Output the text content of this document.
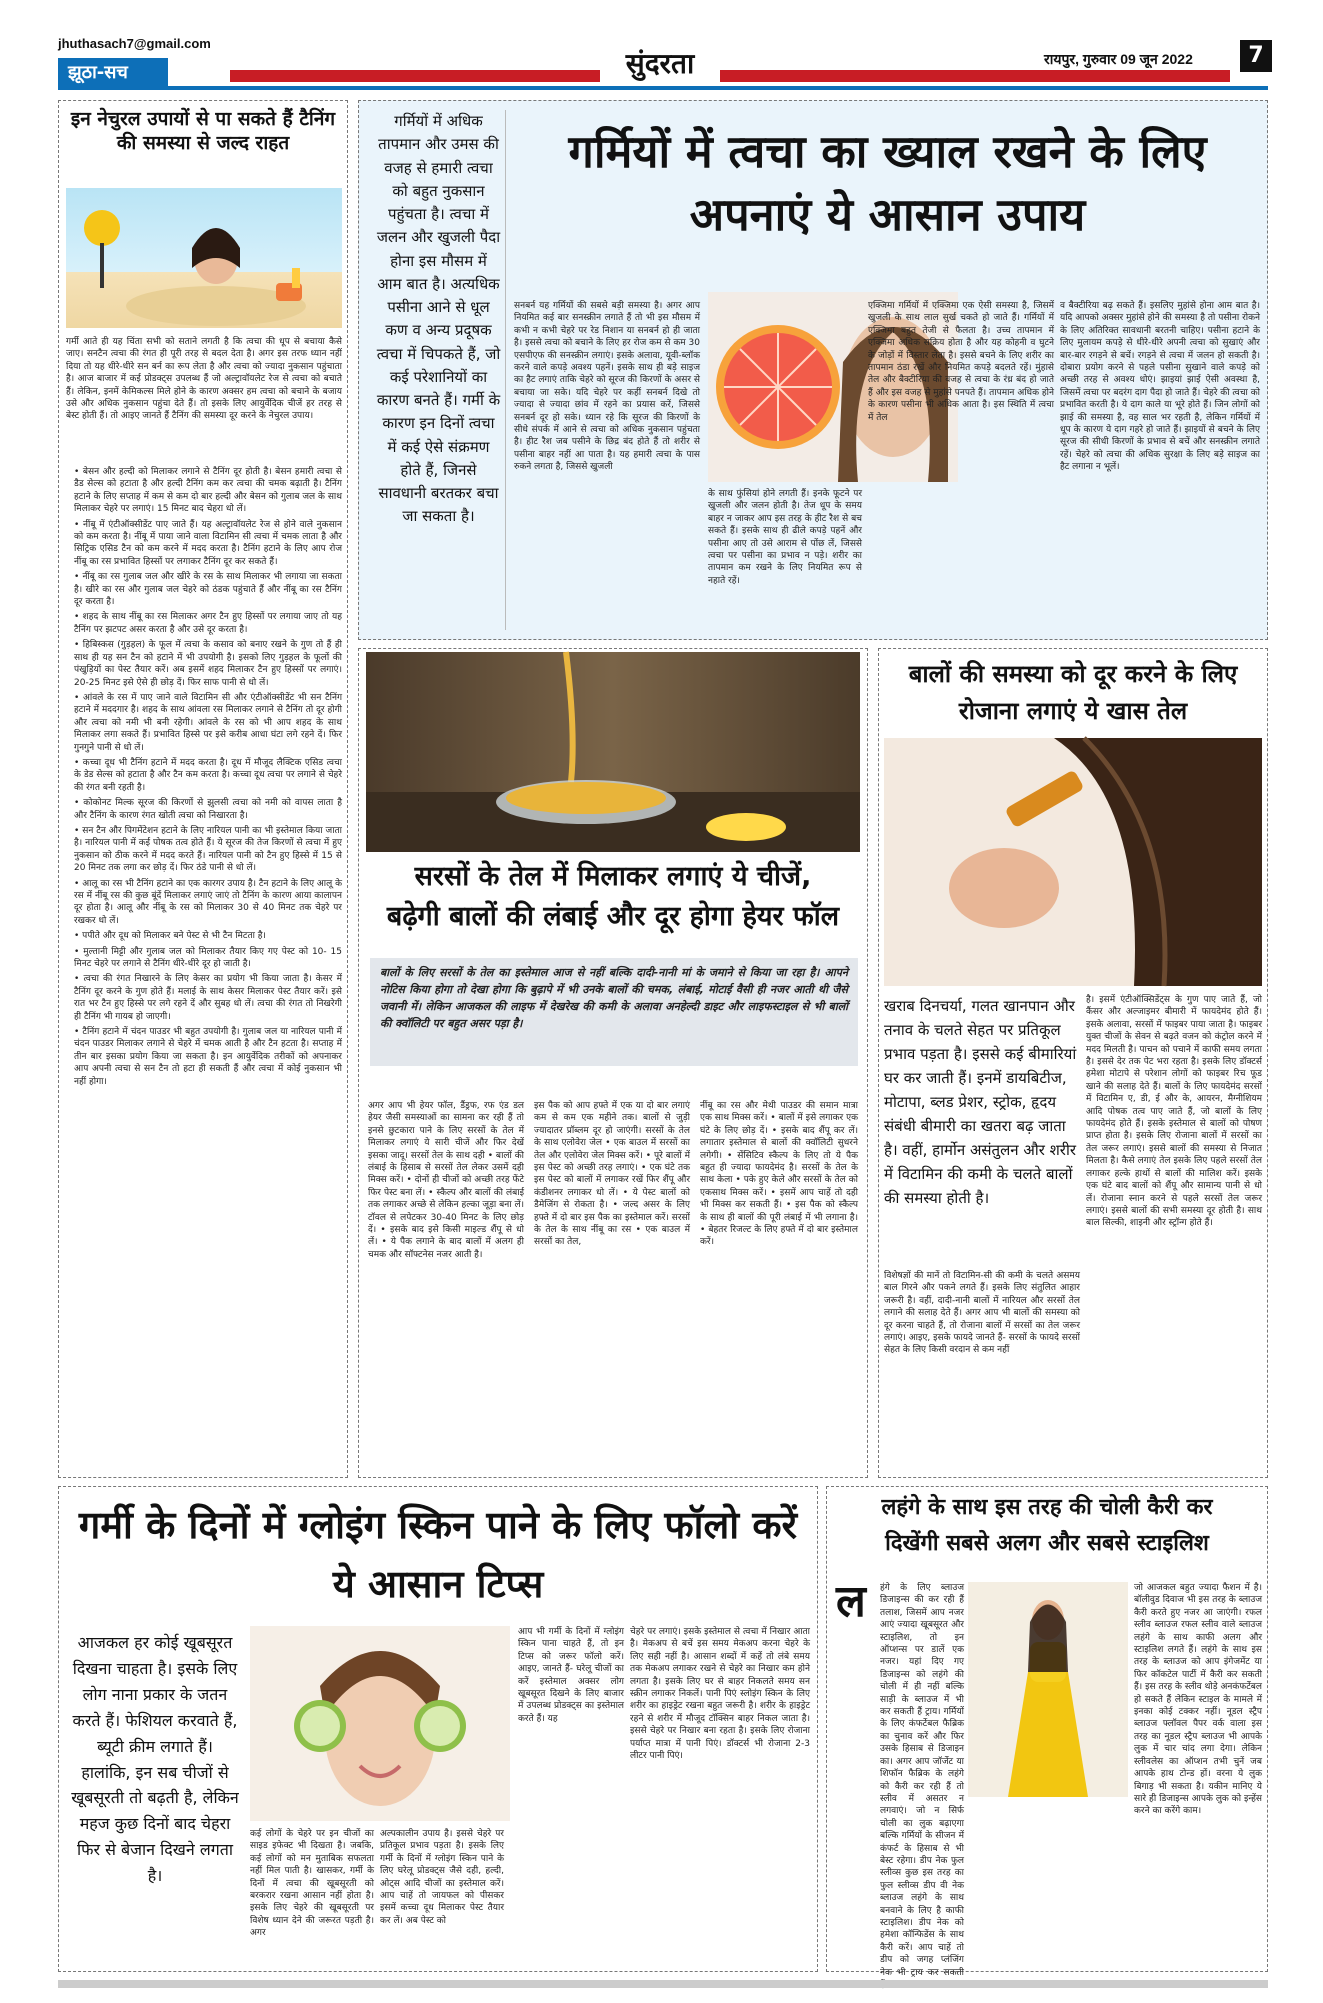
jhuthasach7@gmail.com
झूठा-सच	सुंदरता	रायपुर, गुरुवार 09 जून 2022	7
इन नेचुरल उपायों से पा सकते हैं टैनिंग की समस्या से जल्द राहत
गर्मी आते ही यह चिंता सभी को सताने लगती है कि त्वचा की धूप से बचाया कैसे जाए। सनटैन त्वचा की रंगत ही पूरी तरह से बदल देता है। अगर इस तरफ ध्यान नहीं दिया तो यह धीरे-धीरे सन बर्न का रूप लेता है और त्वचा को ज्यादा नुकसान पहुंचाता है। आज बाजार में कई प्रोडक्ट्स उपलब्ध हैं जो अल्ट्रावॉयलेट रेज से त्वचा को बचाते हैं। लेकिन, इनमें केमिकल्स मिले होने के कारण अक्सर हम त्वचा को बचाने के बजाय उसे और अधिक नुकसान पहुंचा देते हैं। तो इसके लिए आयुर्वेदिक चीजें हर तरह से बेस्ट होती हैं। तो आइए जानते हैं टैनिंग की समस्या दूर करने के नेचुरल उपाय।
• बेसन और हल्दी को मिलाकर लगाने से टैनिंग दूर होती है। बेसन हमारी त्वचा से डैड सेल्स को हटाता है और हल्दी टैनिंग कम कर त्वचा की चमक बढ़ाती है। टैनिंग हटाने के लिए सप्ताह में कम से कम दो बार हल्दी और बेसन को गुलाब जल के साथ मिलाकर चेहरे पर लगाएं। 15 मिनट बाद चेहरा धो लें।
• नींबू में एंटीऑक्सीडेंट पाए जाते हैं। यह अल्ट्रावॉयलेट रेज से होने वाले नुकसान को कम करता है। नींबू में पाया जाने वाला विटामिन सी त्वचा में चमक लाता है और सिट्रिक एसिड टैन को कम करने में मदद करता है। टैनिंग हटाने के लिए आप रोज नींबू का रस प्रभावित हिस्सों पर लगाकर टैनिंग दूर कर सकते हैं।
• नींबू का रस गुलाब जल और खीरे के रस के साथ मिलाकर भी लगाया जा सकता है। खीरे का रस और गुलाब जल चेहरे को ठंडक पहुंचाते हैं और नींबू का रस टैनिंग दूर करता है।
• शहद के साथ नींबू का रस मिलाकर अगर टैन हुए हिस्सों पर लगाया जाए तो यह टैनिंग पर झटपट असर करता है और उसे दूर करता है।
• हिबिस्कस (गुड़हल) के फूल में त्वचा के कसाव को बनाए रखने के गुण तो हैं ही साथ ही यह सन टैन को हटाने में भी उपयोगी है। इसको लिए गुड़हल के फूलों की पंखुड़ियों का पेस्ट तैयार करें। अब इसमें शहद मिलाकर टैन हुए हिस्सों पर लगाएं। 20-25 मिनट इसे ऐसे ही छोड़ दें। फिर साफ पानी से धो लें।
• आंवले के रस में पाए जाने वाले विटामिन सी और एंटीऑक्सीडेंट भी सन टैनिंग हटाने में मददगार है। शहद के साथ आंवला रस मिलाकर लगाने से टैनिंग तो दूर होगी और त्वचा को नमी भी बनी रहेगी। आंवले के रस को भी आप शहद के साथ मिलाकर लगा सकते हैं। प्रभावित हिस्से पर इसे करीब आधा घंटा लगे रहने दें। फिर गुनगुने पानी से धो लें।
• कच्चा दूध भी टैनिंग हटाने में मदद करता है। दूध में मौजूद लैक्टिक एसिड त्वचा के डेड सेल्स को हटाता है और टैन कम करता है। कच्चा दूध त्वचा पर लगाने से चेहरे की रंगत बनी रहती है।
• कोकोनट मिल्क सूरज की किरणों से झुलसी त्वचा को नमी को वापस लाता है और टैनिंग के कारण रंगत खोती त्वचा को निखारता है।
• सन टैन और पिगमेंटेशन हटाने के लिए नारियल पानी का भी इस्तेमाल किया जाता है। नारियल पानी में कई पोषक तत्व होते हैं। ये सूरज की तेज किरणों से त्वचा में हुए नुकसान को ठीक करने में मदद करते हैं। नारियल पानी को टैन हुए हिस्से में 15 से 20 मिनट तक लगा कर छोड़ दें। फिर ठंडे पानी से धो लें।
• आलू का रस भी टैनिंग हटाने का एक कारगर उपाय है। टैन हटाने के लिए आलू के रस में नींबू रस की कुछ बूंदें मिलाकर लगाएं जाएं तो टैनिंग के कारण आया कालापन दूर होता है। आलू और नींबू के रस को मिलाकर 30 से 40 मिनट तक चेहरे पर रखकर धो लें।
• पपीते और दूध को मिलाकर बने पेस्ट से भी टैन मिटता है।
• मुल्तानी मिट्टी और गुलाब जल को मिलाकर तैयार किए गए पेस्ट को 10- 15 मिनट चेहरे पर लगाने से टैनिंग धीरे-धीरे दूर हो जाती है।
• त्वचा की रंगत निखारने के लिए केसर का प्रयोग भी किया जाता है। केसर में टैनिंग दूर करने के गुण होते हैं। मलाई के साथ केसर मिलाकर पेस्ट तैयार करें। इसे रात भर टैन हुए हिस्से पर लगे रहने दें और सुबह धो लें। त्वचा की रंगत तो निखरेगी ही टैनिंग भी गायब हो जाएगी।
• टैनिंग हटाने में चंदन पाउडर भी बहुत उपयोगी है। गुलाब जल या नारियल पानी में चंदन पाउडर मिलाकर लगाने से चेहरे में चमक आती है और टैन हटता है। सप्ताह में तीन बार इसका प्रयोग किया जा सकता है। इन आयुर्वेदिक तरीकों को अपनाकर आप अपनी त्वचा से सन टैन तो हटा ही सकती हैं और त्वचा में कोई नुकसान भी नहीं होगा।
गर्मियों में अधिक तापमान और उमस की वजह से हमारी त्वचा को बहुत नुकसान पहुंचता है। त्वचा में जलन और खुजली पैदा होना इस मौसम में आम बात है। अत्यधिक पसीना आने से धूल कण व अन्य प्रदूषक त्वचा में चिपकते हैं, जो कई परेशानियों का कारण बनते हैं। गर्मी के कारण इन दिनों त्वचा में कई ऐसे संक्रमण होते हैं, जिनसे सावधानी बरतकर बचा जा सकता है।
गर्मियों में त्वचा का ख्याल रखने के लिए अपनाएं ये आसान उपाय
सनबर्न यह गर्मियों की सबसे बड़ी समस्या है। अगर आप नियमित कई बार सनस्क्रीन लगाते हैं तो भी इस मौसम में कभी न कभी चेहरे पर रेड निशान या सनबर्न हो ही जाता है। इससे त्वचा को बचाने के लिए हर रोज कम से कम 30 एसपीएफ की सनस्क्रीन लगाएं। इसके अलावा, यूवी-ब्लॉक करने वाले कपड़े अवश्य पहनें। इसके साथ ही बड़े साइज का हैट लगाएं ताकि चेहरे को सूरज की किरणों के असर से बचाया जा सके। यदि चेहरे पर कहीं सनबर्न दिखे तो ज्यादा से ज्यादा छांव में रहने का प्रयास करें, जिससे सनबर्न दूर हो सके। ध्यान रहे कि सूरज की किरणों के सीधे संपर्क में आने से त्वचा को अधिक नुकसान पहुंचता है। हीट रैश जब पसीने के छिद्र बंद होते हैं तो शरीर से पसीना बाहर नहीं आ पाता है। यह हमारी त्वचा के पास रुकने लगता है, जिससे खुजली
के साथ फुंसियां होने लगती हैं। इनके फूटने पर खुजली और जलन होती है। तेज धूप के समय बाहर न जाकर आप इस तरह के हीट रैश से बच सकते हैं। इसके साथ ही ढीले कपड़े पहनें और पसीना आए तो उसे आराम से पोंछ लें, जिससे त्वचा पर पसीना का प्रभाव न पड़े। शरीर का तापमान कम रखने के लिए नियमित रूप से नहाते रहें।
एक्जिमा गर्मियों में एक्जिमा एक ऐसी समस्या है, जिसमें खुजली के साथ लाल सुर्ख चकते हो जाते हैं। गर्मियों में एक्जिमा बहुत तेजी से फैलता है। उच्च तापमान में एक्जिमा अधिक सक्रिय होता है और यह कोहनी व घुटने के जोड़ों में विस्तार लेता है। इससे बचने के लिए शरीर का तापमान ठंडा रखें और नियमित कपड़े बदलते रहें। मुंहासे तेल और बैक्टीरिया की वजह से त्वचा के रंध्र बंद हो जाते हैं और इस वजह से मुहांसे पनपते हैं। तापमान अधिक होने के कारण पसीना भी अधिक आता है। इस स्थिति में त्वचा में तेल
व बैक्टीरिया बढ़ सकते हैं। इसलिए मुहांसे होना आम बात है। यदि आपको अक्सर मुहांसे होने की समस्या है तो पसीना रोकने के लिए अतिरिक्त सावधानी बरतनी चाहिए। पसीना हटाने के लिए मुलायम कपड़े से धीरे-धीरे अपनी त्वचा को सुखाएं और बार-बार रगड़ने से बचें। रगड़ने से त्वचा में जलन हो सकती है। दोबारा प्रयोग करने से पहले पसीना सुखाने वाले कपड़े को अच्छी तरह से अवश्य धोएं। झाइयां झाई ऐसी अवस्था है, जिसमें त्वचा पर बदरंग दाग पैदा हो जाते हैं। चेहरे की त्वचा को प्रभावित करती है। ये दाग काले या भूरे होते हैं। जिन लोगों को झाई की समस्या है, वह साल भर रहती है, लेकिन गर्मियों में धूप के कारण ये दाग गहरे हो जाते हैं। झाइयों से बचने के लिए सूरज की सीधी किरणों के प्रभाव से बचें और सनस्क्रीन लगाते रहें। चेहरे को त्वचा की अधिक सुरक्षा के लिए बड़े साइज का हैट लगाना न भूलें।
सरसों के तेल में मिलाकर लगाएं ये चीजें,
बढ़ेगी बालों की लंबाई और दूर होगा हेयर फॉल
बालों के लिए सरसों के तेल का इस्तेमाल आज से नहीं बल्कि दादी-नानी मां के जमाने से किया जा रहा है। आपने नोटिस किया होगा तो देखा होगा कि बुढ़ापे में भी उनके बालों की चमक, लंबाई, मोटाई वैसी ही नजर आती थी जैसे जवानी में। लेकिन आजकल की लाइफ में देखरेख की कमी के अलावा अनहेल्दी डाइट और लाइफस्टाइल से भी बालों की क्वॉलिटी पर बहुत असर पड़ा है।
अगर आप भी हेयर फॉल, डैंड्रफ, रफ एंड डल हेयर जैसी समस्याओं का सामना कर रही हैं तो इनसे छुटकारा पाने के लिए सरसों के तेल में मिलाकर लगाएं ये सारी चीजें और फिर देखें इसका जादू। सरसों तेल के साथ दही • बालों की लंबाई के हिसाब से सरसों तेल लेकर उसमें दही मिक्स करें। • दोनों ही चीजों को अच्छी तरह फेंटे फिर पेस्ट बना लें। • स्कैल्प और बालों की लंबाई तक लगाकर अच्छे से लेकिन हल्का जूड़ा बना लें। टॉवल से लपेटकर 30-40 मिनट के लिए छोड़ दें। • इसके बाद इसे किसी माइल्ड शैंपू से धो लें। • ये पैक लगाने के बाद बालों में अलग ही चमक और सॉफ्टनेस नजर आती है।
इस पैक को आप हफ्ते में एक या दो बार लगाएं कम से कम एक महीने तक। बालों से जुड़ी ज्यादातर प्रॉब्लम दूर हो जाएंगी। सरसों के तेल के साथ एलोवेरा जेल • एक बाउल में सरसों का तेल और एलोवेरा जेल मिक्स करें। • पूरे बालों में इस पेस्ट को अच्छी तरह लगाएं। • एक घंटे तक इस पेस्ट को बालों में लगाकर रखें फिर शैंपू और कंडीशनर लगाकर धो लें। • ये पेस्ट बालों को डैमेजिंग से रोकता है। • जल्द असर के लिए हफ्ते में दो बार इस पैक का इस्तेमाल करें। सरसों के तेल के साथ नींबू का रस • एक बाउल में सरसों का तेल,
नींबू का रस और मेथी पाउडर की समान मात्रा एक साथ मिक्स करें। • बालों में इसे लगाकर एक घंटे के लिए छोड़ दें। • इसके बाद शैंपू कर लें। लगातार इस्तेमाल से बालों की क्वॉलिटी सुधरने लगेगी। • सेंसिटिव स्कैल्प के लिए तो ये पैक बहुत ही ज्यादा फायदेमंद है। सरसों के तेल के साथ केला • पके हुए केले और सरसों के तेल को एकसाथ मिक्स करें। • इसमें आप चाहें तो दही भी मिक्स कर सकती हैं। • इस पैक को स्कैल्प के साथ ही बालों की पूरी लंबाई में भी लगाना है। • बेहतर रिजल्ट के लिए हफ्ते में दो बार इस्तेमाल करें।
बालों की समस्या को दूर करने के लिए रोजाना लगाएं ये खास तेल
खराब दिनचर्या, गलत खानपान और तनाव के चलते सेहत पर प्रतिकूल प्रभाव पड़ता है। इससे कई बीमारियां घर कर जाती हैं। इनमें डायबिटीज, मोटापा, ब्लड प्रेशर, स्ट्रोक, हृदय संबंधी बीमारी का खतरा बढ़ जाता है। वहीं, हार्मोन असंतुलन और शरीर में विटामिन की कमी के चलते बालों की समस्या होती है।
विशेषज्ञों की मानें तो विटामिन-सी की कमी के चलते असमय बाल गिरने और पकने लगते हैं। इसके लिए संतुलित आहार जरूरी है। वहीं, दादी-नानी बालों में नारियल और सरसों तेल लगाने की सलाह देते हैं। अगर आप भी बालों की समस्या को दूर करना चाहते हैं, तो रोजाना बालों में सरसों का तेल जरूर लगाएं। आइए, इसके फायदे जानते हैं- सरसों के फायदे सरसों सेहत के लिए किसी वरदान से कम नहीं
है। इसमें एंटीऑक्सिडेंट्स के गुण पाए जाते हैं, जो कैंसर और अल्जाइमर बीमारी में फायदेमंद होते हैं। इसके अलावा, सरसों में फाइबर पाया जाता है। फाइबर युक्त चीजों के सेवन से बढ़ते वजन को कंट्रोल करने में मदद मिलती है। पाचन को पचाने में काफी समय लगता है। इससे देर तक पेट भरा रहता है। इसके लिए डॉक्टर्स हमेशा मोटापे से परेशान लोगों को फाइबर रिच फूड खाने की सलाह देते हैं। बालों के लिए फायदेमंद सरसों में विटामिन ए, डी, ई और के, आयरन, मैग्नीशियम आदि पोषक तत्व पाए जाते हैं, जो बालों के लिए फायदेमंद होते हैं। इसके इस्तेमाल से बालों को पोषण प्राप्त होता है। इसके लिए रोजाना बालों में सरसों का तेल जरूर लगाएं। इससे बालों की समस्या से निजात मिलता है। कैसे लगाएं तेल इसके लिए पहले सरसों तेल लगाकर हल्के हाथों से बालों की मालिश करें। इसके एक घंटे बाद बालों को शैंपू और सामान्य पानी से धो लें। रोजाना स्नान करने से पहले सरसों तेल जरूर लगाएं। इससे बालों की सभी समस्या दूर होती है। साथ बाल सिल्की, शाइनी और स्ट्रॉन्ग होते हैं।
गर्मी के दिनों में ग्लोइंग स्किन पाने के लिए फॉलो करें ये आसान टिप्स
आजकल हर कोई खूबसूरत दिखना चाहता है। इसके लिए लोग नाना प्रकार के जतन करते हैं। फेशियल करवाते हैं, ब्यूटी क्रीम लगाते हैं। हालांकि, इन सब चीजों से खूबसूरती तो बढ़ती है, लेकिन महज कुछ दिनों बाद चेहरा फिर से बेजान दिखने लगता है।
आप भी गर्मी के दिनों में ग्लोइंग स्किन पाना चाहते हैं, तो इन टिप्स को जरूर फॉलो करें। आइए, जानते हैं- घरेलू चीजों का करें इस्तेमाल अक्सर लोग खूबसूरत दिखने के लिए बाजार में उपलब्ध प्रोडक्ट्स का इस्तेमाल करते हैं। यह
कई लोगों के चेहरे पर इन चीजों का साइड इफेक्ट भी दिखता है। जबकि, कई लोगों को मन मुताबिक सफलता नहीं मिल पाती है। खासकर, गर्मी के दिनों में त्वचा की खूबसूरती को बरकरार रखना आसान नहीं होता है। इसके लिए चेहरे की खूबसूरती पर विशेष ध्यान देने की जरूरत पड़ती है। अगर
अल्पकालीन उपाय है। इससे चेहरे पर प्रतिकूल प्रभाव पड़ता है। इसके लिए गर्मी के दिनों में ग्लोइंग स्किन पाने के लिए घरेलू प्रोडक्ट्स जैसे दही, हल्दी, ओट्स आदि चीजों का इस्तेमाल करें। आप चाहें तो जायफल को पीसकर इसमें कच्चा दूध मिलाकर पेस्ट तैयार कर लें। अब पेस्ट को
चेहरे पर लगाएं। इसके इस्तेमाल से त्वचा में निखार आता है। मेकअप से बचें इस समय मेकअप करना चेहरे के लिए सही नहीं है। आसान शब्दों में कहें तो लंबे समय तक मेकअप लगाकर रखने से चेहरे का निखार कम होने लगता है। इसके लिए घर से बाहर निकलते समय सन स्क्रीन लगाकर निकलें। पानी पिएं स्लोइंग स्किन के लिए शरीर का हाइड्रेट रखना बहुत जरूरी है। शरीर के हाइड्रेट रहने से शरीर में मौजूद टॉक्सिन बाहर निकल जाता है। इससे चेहरे पर निखार बना रहता है। इसके लिए रोजाना पर्याप्त मात्रा में पानी पिएं। डॉक्टर्स भी रोजाना 2-3 लीटर पानी पिएं।
लहंगे के साथ इस तरह की चोली कैरी कर
दिखेंगी सबसे अलग और सबसे स्टाइलिश
ल हंगे के लिए ब्लाउज डिजाइन्स की कर रही हैं तलाश, जिसमें आप नजर आएं ज्यादा खूबसूरत और स्टाइलिश, तो इन ऑप्शन्स पर डालें एक नजर। यहां दिए गए डिजाइन्स को लहंगे की चोली में ही नहीं बल्कि साड़ी के ब्लाउज में भी कर सकती हैं ट्राय। गर्मियों के लिए कंफर्टेबल फैब्रिक का चुनाव करें और फिर उसके हिसाब से डिजाइन का। अगर आप जॉर्जेट या शिफॉन फैब्रिक के लहंगे को कैरी कर रही हैं तो स्लीव में असतर न लगवाएं। जो न सिर्फ चोली का लुक बढ़ाएगा बल्कि गर्मियों के सीजन में कंफर्ट के हिसाब से भी बेस्ट रहेगा। डीप नेक फुल स्लीव्स कुछ इस तरह का फुल स्लीव्स डीप वी नेक ब्लाउज लहंगे के साथ बनवाने के लिए है काफी स्टाइलिश। डीप नेक को हमेशा कॉन्फिडेंस के साथ कैरी करें। आप चाहें तो डीप को जगह प्लंजिंग नेक भी ट्राय कर सकती
जो आजकल बहुत ज्यादा फैशन में है। बॉलीवुड दिवाज भी इस तरह के ब्लाउज कैरी करते हुए नजर आ जाएंगी। रफल स्लीव ब्लाउज रफल स्लीव वाले ब्लाउज लहंगे के साथ काफी अलग और स्टाइलिश लगते हैं। लहंगे के साथ इस तरह के ब्लाउज को आप इंगेजमेंट या फिर कॉकटेल पार्टी में कैरी कर सकती हैं। इस तरह के स्लीव थोड़े अनकंफर्टेबल हो सकते हैं लेकिन स्टाइल के मामले में इनका कोई टक्कर नहीं। नूडल स्ट्रैप ब्लाउज फ्लॉवल पैपर वर्क वाला इस तरह का नूडल स्ट्रैप ब्लाउज भी आपके लुक में चार चांद लगा देगा। लेकिन स्लीवलेस का ऑप्शन तभी चुनें जब आपके हाथ टोन्ड हों। वरना ये लुक बिगाड़ भी सकता है। यकीन मानिए ये सारे ही डिजाइन्स आपके लुक को इन्हेंस करने का करेंगे काम।
